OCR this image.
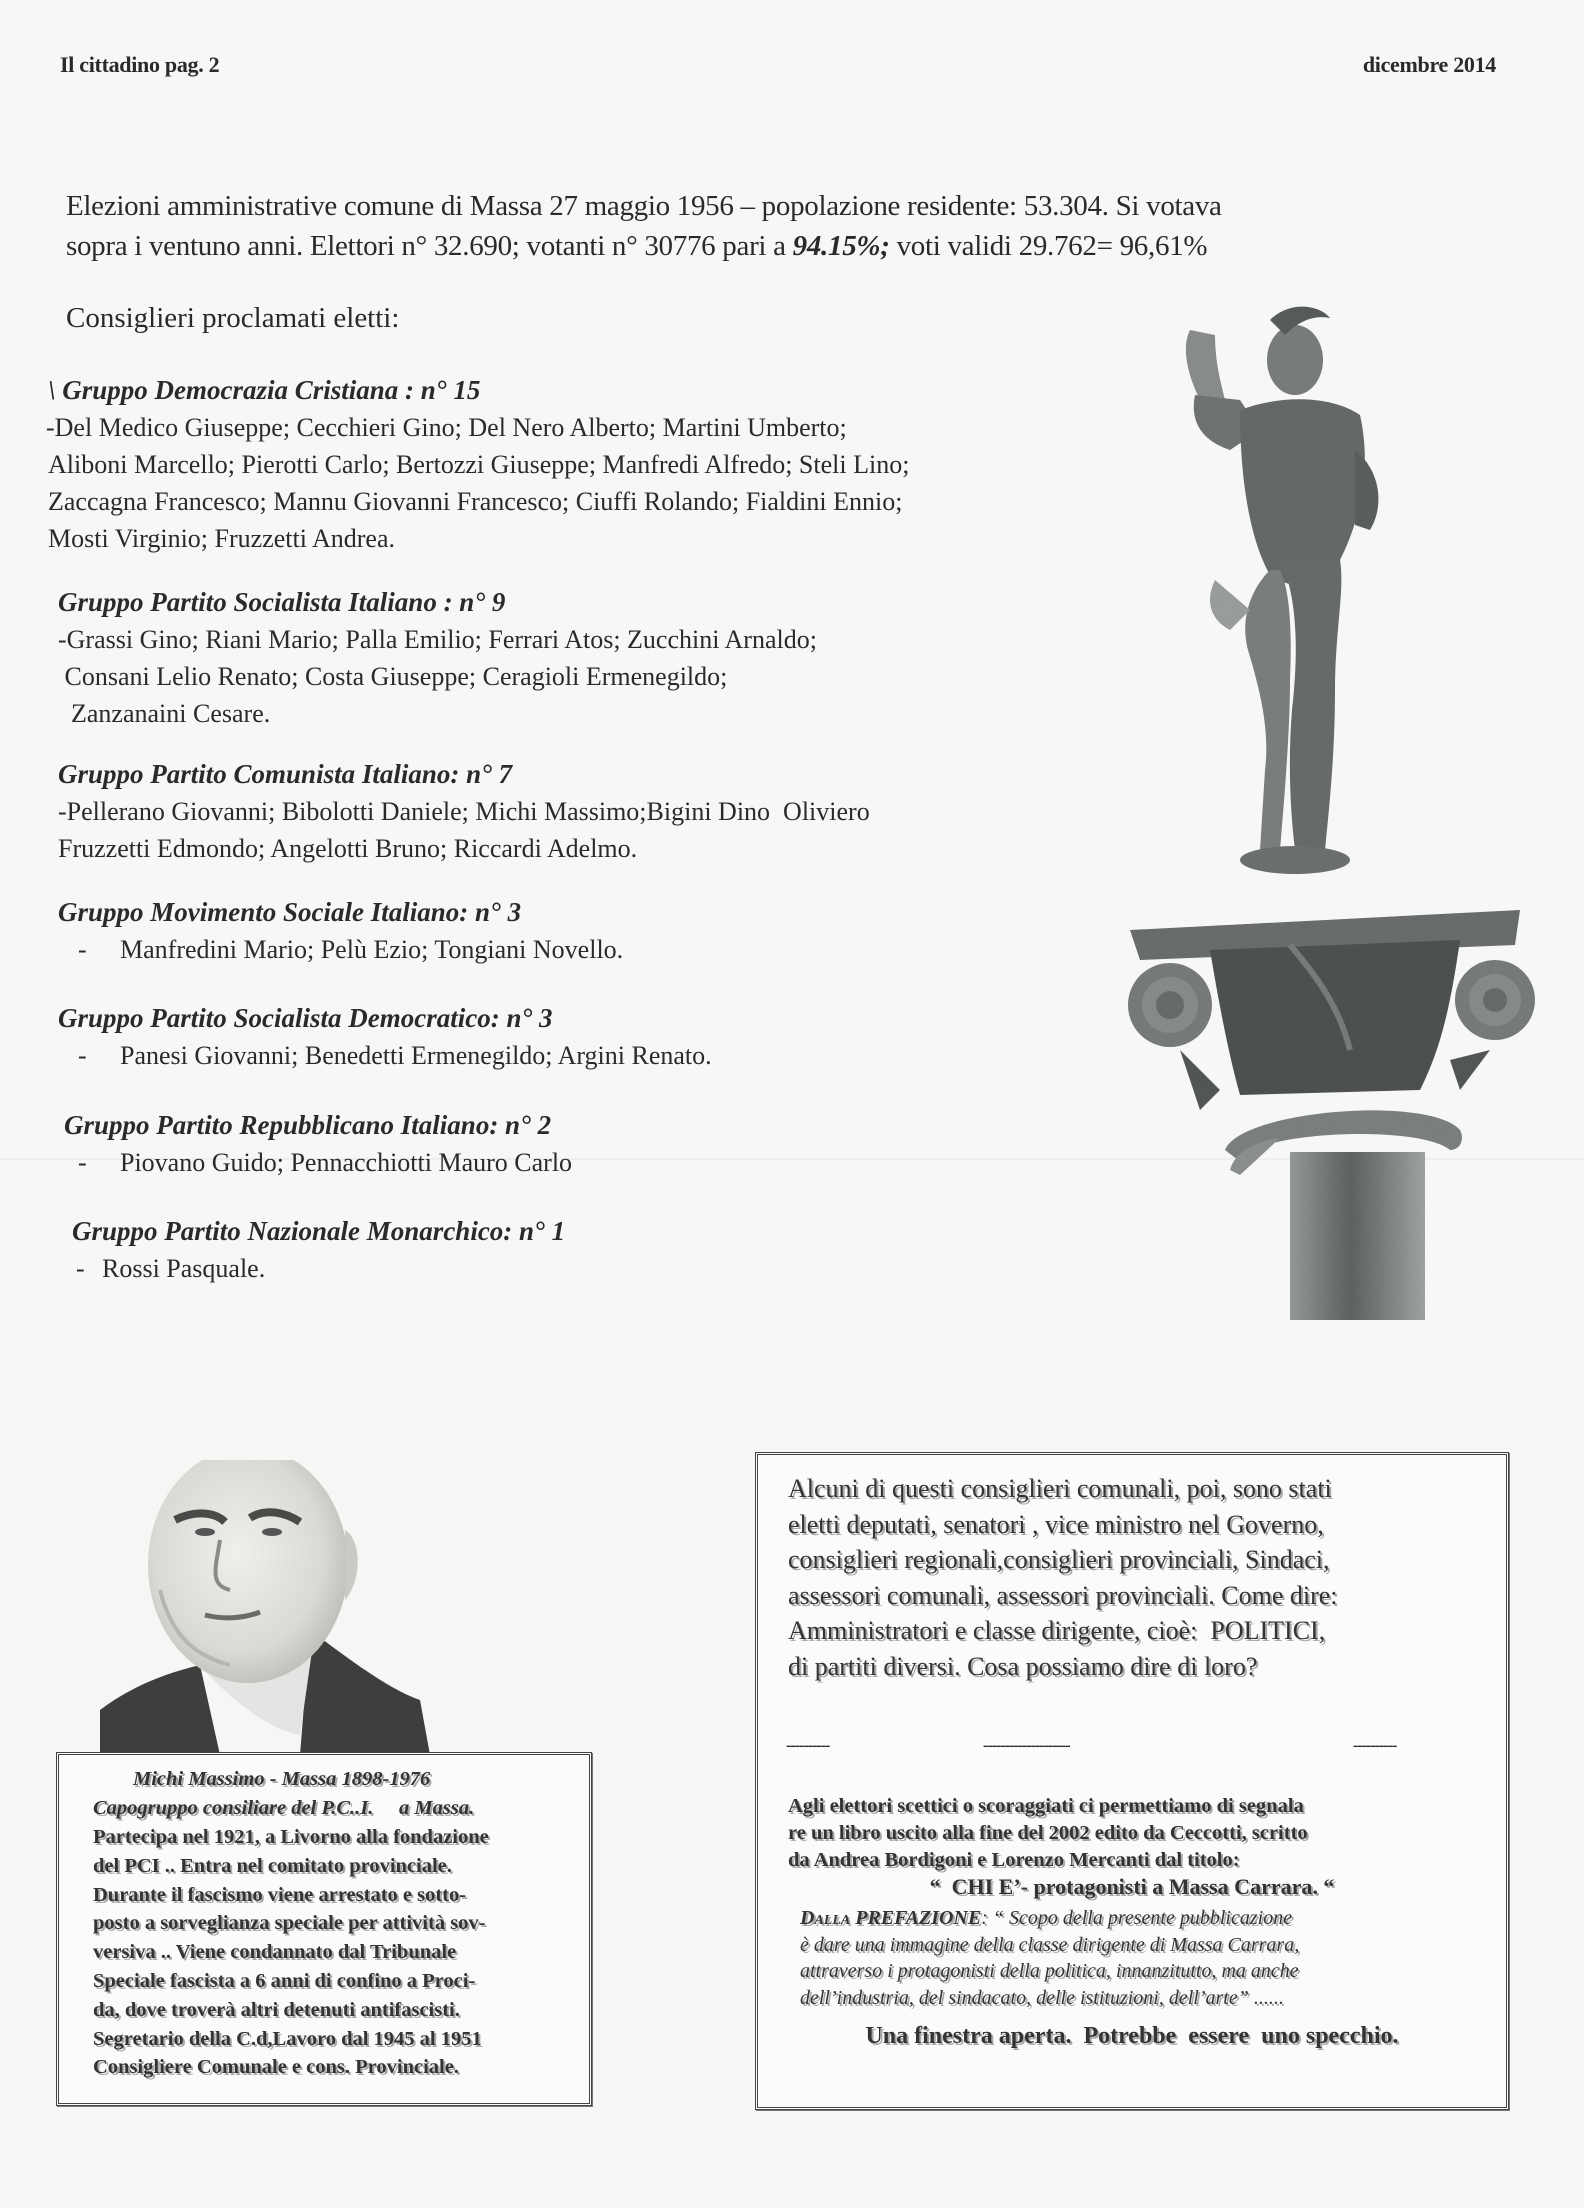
Il cittadino pag. 2	dicembre 2014
Elezioni amministrative comune di Massa 27 maggio 1956 – popolazione residente: 53.304. Si votava
sopra i ventuno anni. Elettori n° 32.690; votanti n° 30776 pari a 94.15%; voti validi 29.762= 96,61%
Consiglieri proclamati eletti:
\ Gruppo Democrazia Cristiana : n° 15
-Del Medico Giuseppe; Cecchieri Gino; Del Nero Alberto; Martini Umberto;
Aliboni Marcello; Pierotti Carlo; Bertozzi Giuseppe; Manfredi Alfredo; Steli Lino;
Zaccagna Francesco; Mannu Giovanni Francesco; Ciuffi Rolando; Fialdini Ennio;
Mosti Virginio; Fruzzetti Andrea.
Gruppo Partito Socialista Italiano : n° 9
-Grassi Gino; Riani Mario; Palla Emilio; Ferrari Atos; Zucchini Arnaldo;
Consani Lelio Renato; Costa Giuseppe; Ceragioli Ermenegildo;
Zanzanaini Cesare.
Gruppo Partito Comunista Italiano: n° 7
-Pellerano Giovanni; Bibolotti Daniele; Michi Massimo;Bigini Dino  Oliviero
Fruzzetti Edmondo; Angelotti Bruno; Riccardi Adelmo.
Gruppo Movimento Sociale Italiano: n° 3
- Manfredini Mario; Pelù Ezio; Tongiani Novello.
Gruppo Partito Socialista Democratico: n° 3
- Panesi Giovanni; Benedetti Ermenegildo; Argini Renato.
Gruppo Partito Repubblicano Italiano: n° 2
- Piovano Guido; Pennacchiotti Mauro Carlo
Gruppo Partito Nazionale Monarchico: n° 1
- Rossi Pasquale.
Michi Massimo - Massa 1898-1976
Capogruppo consiliare del P.C..I.     a Massa.
Partecipa nel 1921, a Livorno alla fondazione
del PCI .. Entra nel comitato provinciale.
Durante il fascismo viene arrestato e sotto-
posto a sorveglianza speciale per attività sov-
versiva .. Viene condannato dal Tribunale
Speciale fascista a 6 anni di confino a Proci-
da, dove troverà altri detenuti antifascisti.
Segretario della C.d,Lavoro dal 1945 al 1951
Consigliere Comunale e cons. Provinciale.
Alcuni di questi consiglieri comunali, poi, sono stati
eletti deputati, senatori , vice ministro nel Governo,
consiglieri regionali,consiglieri provinciali, Sindaci,
assessori comunali, assessori provinciali. Come dire:
Amministratori e classe dirigente, cioè:  POLITICI,
di partiti diversi. Cosa possiamo dire di loro?
----------	--------------------	----------
Agli elettori scettici o scoraggiati ci permettiamo di segnala
re un libro uscito alla fine del 2002 edito da Ceccotti, scritto
da Andrea Bordigoni e Lorenzo Mercanti dal titolo:
“  CHI E’- protagonisti a Massa Carrara. “
Dalla PREFAZIONE: “ Scopo della presente pubblicazione
è dare una immagine della classe dirigente di Massa Carrara,
attraverso i protagonisti della politica, innanzitutto, ma anche
dell’industria, del sindacato, delle istituzioni, dell’arte” ......
Una finestra aperta.  Potrebbe  essere  uno specchio.
